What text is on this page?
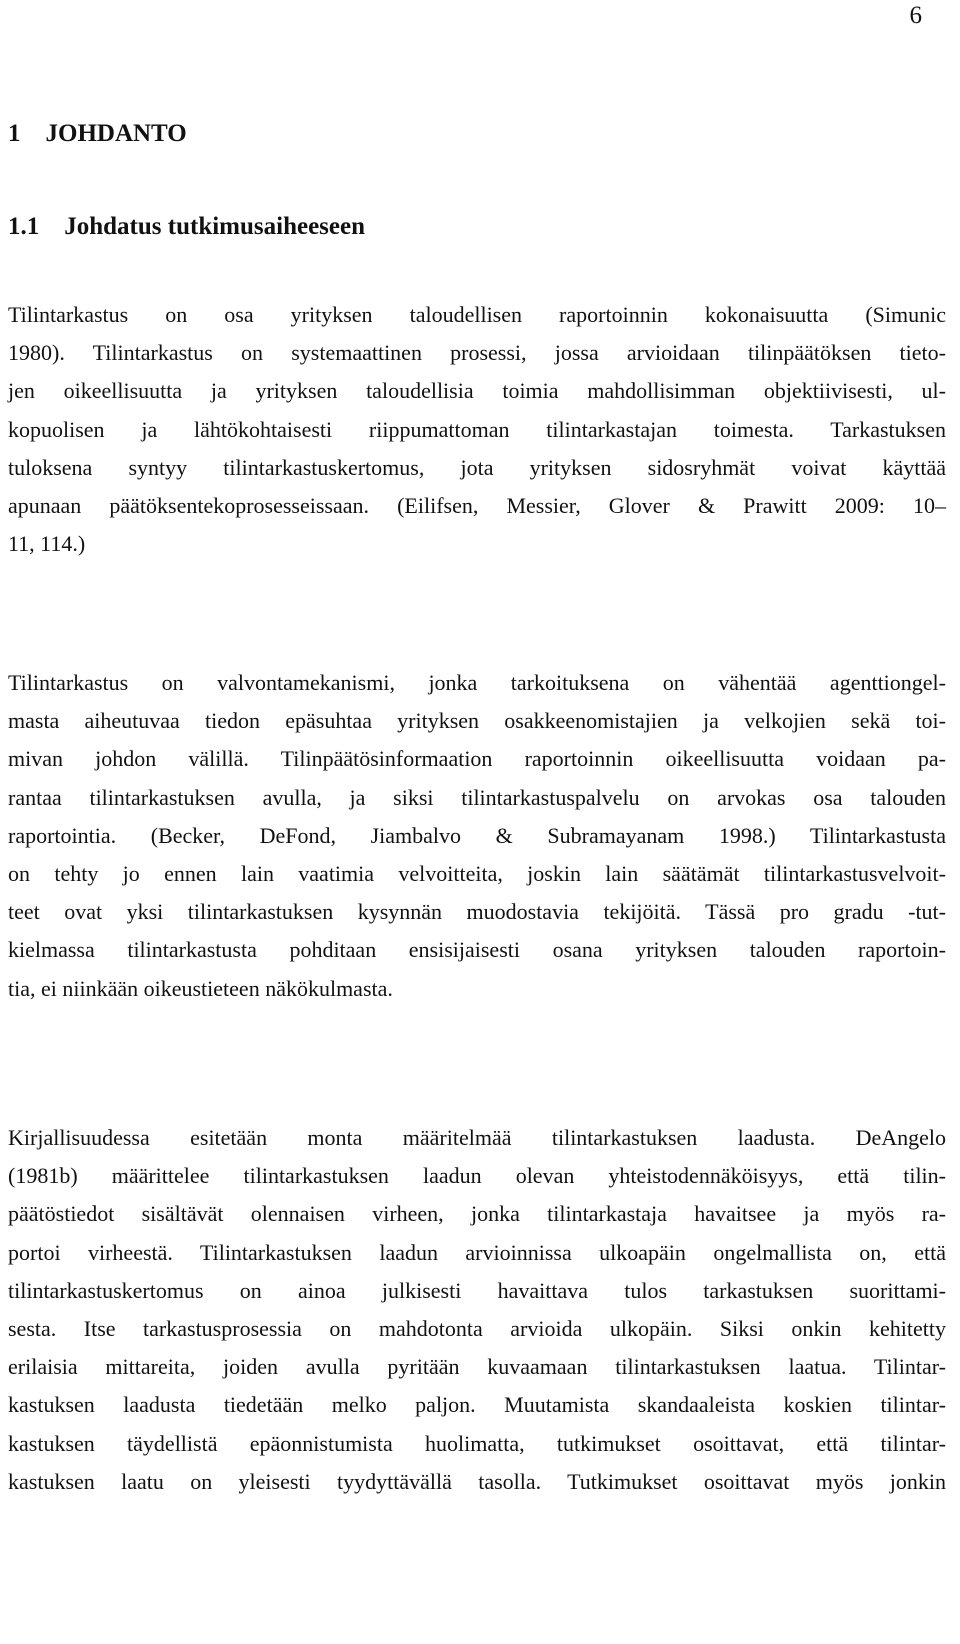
6
1    JOHDANTO
1.1    Johdatus tutkimusaiheeseen
Tilintarkastus on osa yrityksen taloudellisen raportoinnin kokonaisuutta (Simunic
1980). Tilintarkastus on systemaattinen prosessi, jossa arvioidaan tilinpäätöksen tieto-
jen oikeellisuutta ja yrityksen taloudellisia toimia mahdollisimman objektiivisesti, ul-
kopuolisen ja lähtökohtaisesti riippumattoman tilintarkastajan toimesta. Tarkastuksen
tuloksena syntyy tilintarkastuskertomus, jota yrityksen sidosryhmät voivat käyttää
apunaan päätöksentekoprosesseissaan. (Eilifsen, Messier, Glover & Prawitt 2009: 10–
11, 114.)
Tilintarkastus on valvontamekanismi, jonka tarkoituksena on vähentää agenttiongel-
masta aiheutuvaa tiedon epäsuhtaa yrityksen osakkeenomistajien ja velkojien sekä toi-
mivan johdon välillä. Tilinpäätösinformaation raportoinnin oikeellisuutta voidaan pa-
rantaa tilintarkastuksen avulla, ja siksi tilintarkastuspalvelu on arvokas osa talouden
raportointia. (Becker, DeFond, Jiambalvo & Subramayanam 1998.) Tilintarkastusta
on tehty jo ennen lain vaatimia velvoitteita, joskin lain säätämät tilintarkastusvelvoit-
teet ovat yksi tilintarkastuksen kysynnän muodostavia tekijöitä. Tässä pro gradu -tut-
kielmassa tilintarkastusta pohditaan ensisijaisesti osana yrityksen talouden raportoin-
tia, ei niinkään oikeustieteen näkökulmasta.
Kirjallisuudessa esitetään monta määritelmää tilintarkastuksen laadusta. DeAngelo
(1981b) määrittelee tilintarkastuksen laadun olevan yhteistodennäköisyys, että tilin-
päätöstiedot sisältävät olennaisen virheen, jonka tilintarkastaja havaitsee ja myös ra-
portoi virheestä. Tilintarkastuksen laadun arvioinnissa ulkoapäin ongelmallista on, että
tilintarkastuskertomus on ainoa julkisesti havaittava tulos tarkastuksen suorittami-
sesta. Itse tarkastusprosessia on mahdotonta arvioida ulkopäin. Siksi onkin kehitetty
erilaisia mittareita, joiden avulla pyritään kuvaamaan tilintarkastuksen laatua. Tilintar-
kastuksen laadusta tiedetään melko paljon. Muutamista skandaaleista koskien tilintar-
kastuksen täydellistä epäonnistumista huolimatta, tutkimukset osoittavat, että tilintar-
kastuksen laatu on yleisesti tyydyttävällä tasolla. Tutkimukset osoittavat myös jonkin
